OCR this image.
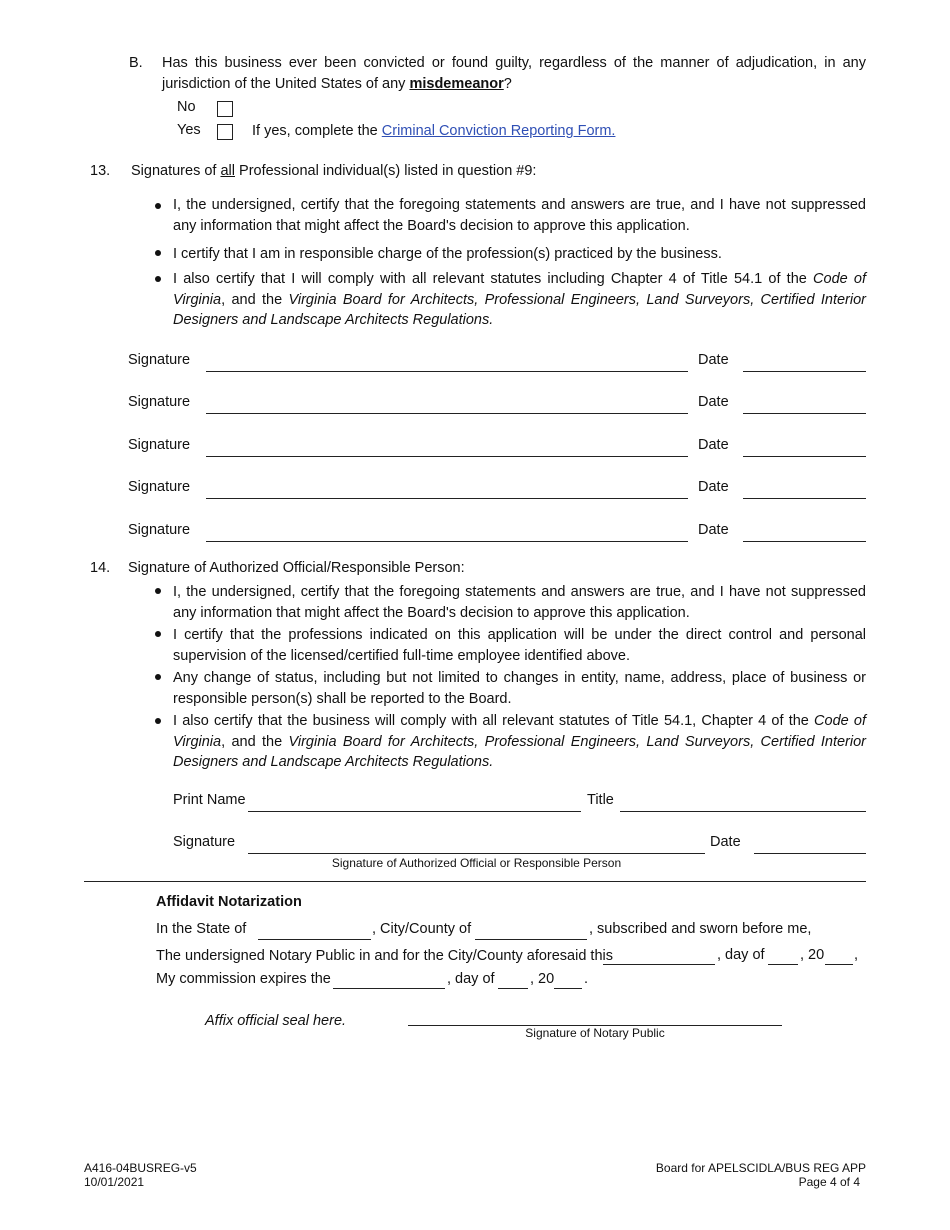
B. Has this business ever been convicted or found guilty, regardless of the manner of adjudication, in any jurisdiction of the United States of any misdemeanor?
No
Yes	If yes, complete the Criminal Conviction Reporting Form.
13. Signatures of all Professional individual(s) listed in question #9:
I, the undersigned, certify that the foregoing statements and answers are true, and I have not suppressed any information that might affect the Board's decision to approve this application.
I certify that I am in responsible charge of the profession(s) practiced by the business.
I also certify that I will comply with all relevant statutes including Chapter 4 of Title 54.1 of the Code of Virginia, and the Virginia Board for Architects, Professional Engineers, Land Surveyors, Certified Interior Designers and Landscape Architects Regulations.
Signature	Date
Signature	Date
Signature	Date
Signature	Date
Signature	Date
14. Signature of Authorized Official/Responsible Person:
I, the undersigned, certify that the foregoing statements and answers are true, and I have not suppressed any information that might affect the Board's decision to approve this application.
I certify that the professions indicated on this application will be under the direct control and personal supervision of the licensed/certified full-time employee identified above.
Any change of status, including but not limited to changes in entity, name, address, place of business or responsible person(s) shall be reported to the Board.
I also certify that the business will comply with all relevant statutes of Title 54.1, Chapter 4 of the Code of Virginia, and the Virginia Board for Architects, Professional Engineers, Land Surveyors, Certified Interior Designers and Landscape Architects Regulations.
Print Name	Title
Signature	Date
Signature of Authorized Official or Responsible Person
Affidavit Notarization
In the State of	, City/County of	, subscribed and sworn before me,
The undersigned Notary Public in and for the City/County aforesaid this	, day of , 20 ,
My commission expires the	, day of , 20 .
Affix official seal here.
Signature of Notary Public
A416-04BUSREG-v5
10/01/2021
Board for APELSCIDLA/BUS REG APP
Page 4 of 4
